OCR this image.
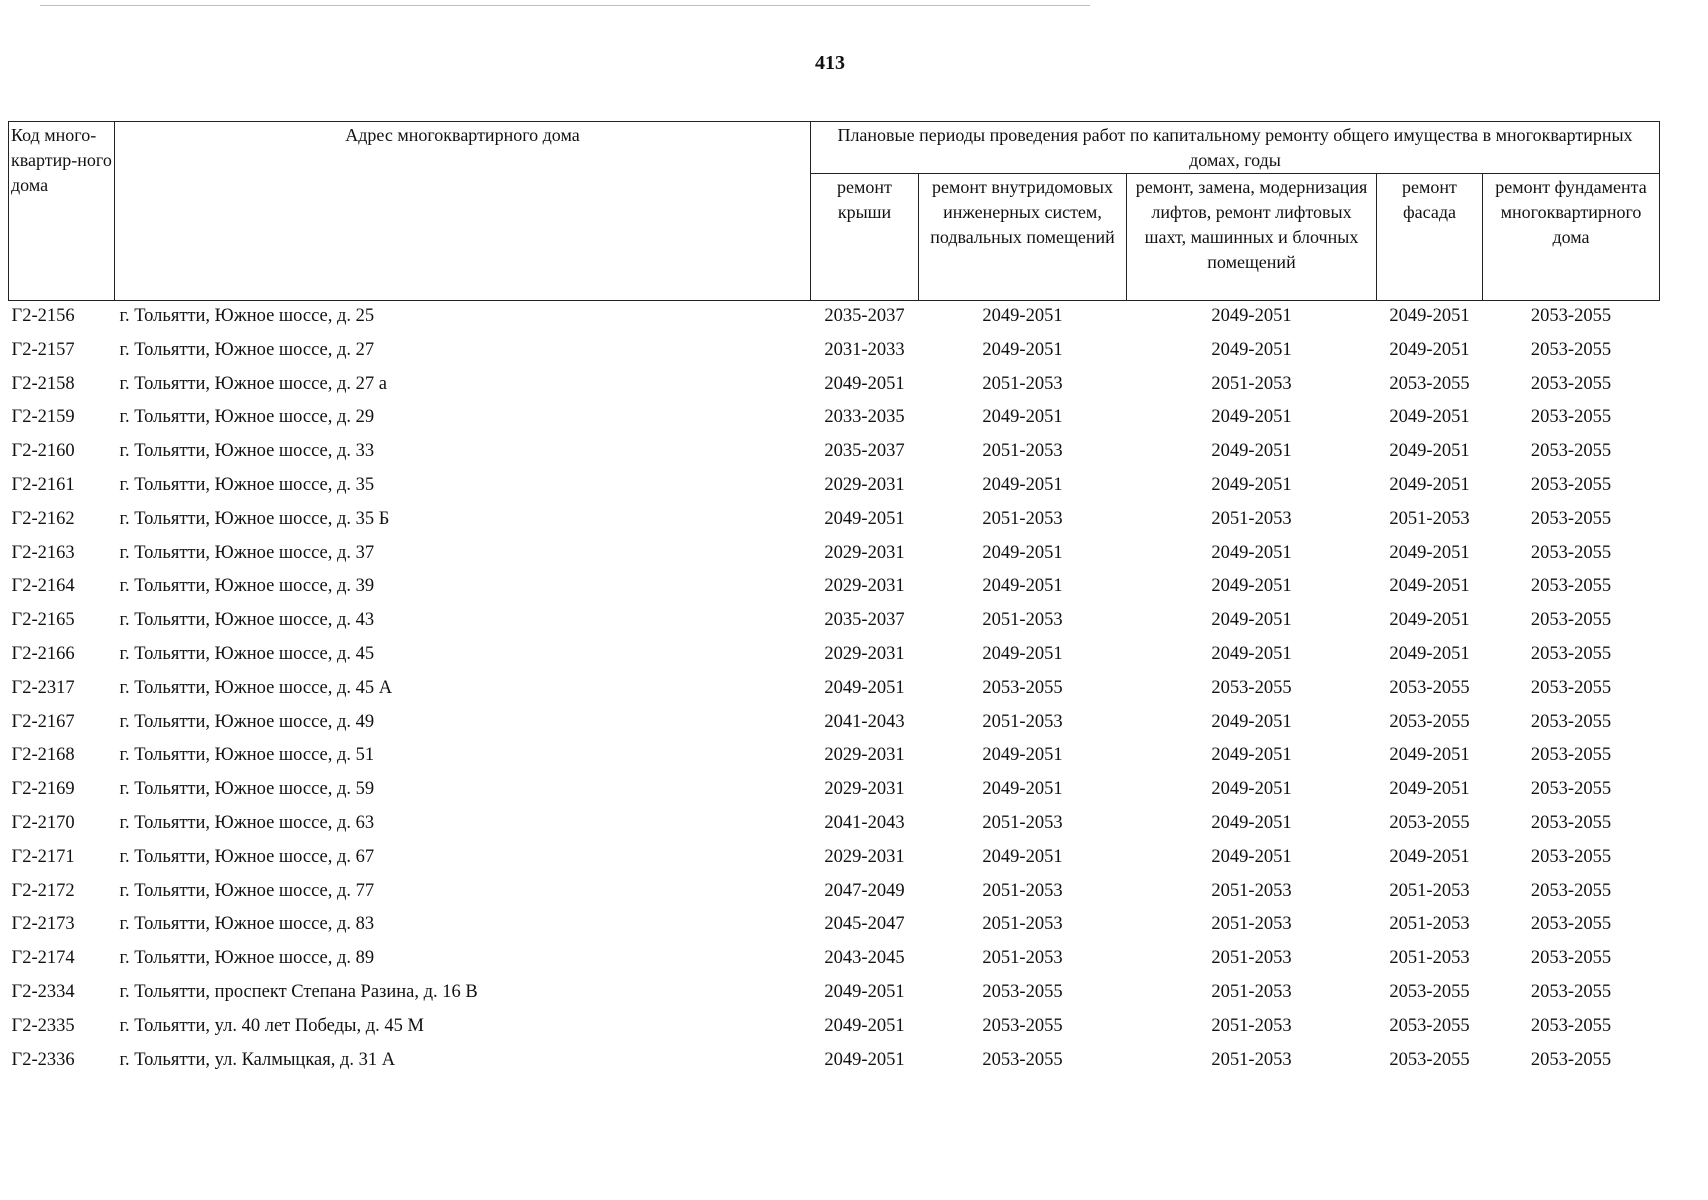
413
Код много-квартир-ного дома	Адрес многоквартирного дома	Плановые периоды проведения работ по капитальному ремонту общего имущества в многоквартирных домах, годы				
		ремонт крыши	ремонт внутридомовых инженерных систем, подвальных помещений	ремонт, замена, модернизация лифтов, ремонт лифтовых шахт, машинных и блочных помещений	ремонт фасада	ремонт фундамента многоквартирного дома
Г2-2156	г. Тольятти, Южное шоссе, д. 25	2035-2037	2049-2051	2049-2051	2049-2051	2053-2055
Г2-2157	г. Тольятти, Южное шоссе, д. 27	2031-2033	2049-2051	2049-2051	2049-2051	2053-2055
Г2-2158	г. Тольятти, Южное шоссе, д. 27 а	2049-2051	2051-2053	2051-2053	2053-2055	2053-2055
Г2-2159	г. Тольятти, Южное шоссе, д. 29	2033-2035	2049-2051	2049-2051	2049-2051	2053-2055
Г2-2160	г. Тольятти, Южное шоссе, д. 33	2035-2037	2051-2053	2049-2051	2049-2051	2053-2055
Г2-2161	г. Тольятти, Южное шоссе, д. 35	2029-2031	2049-2051	2049-2051	2049-2051	2053-2055
Г2-2162	г. Тольятти, Южное шоссе, д. 35 Б	2049-2051	2051-2053	2051-2053	2051-2053	2053-2055
Г2-2163	г. Тольятти, Южное шоссе, д. 37	2029-2031	2049-2051	2049-2051	2049-2051	2053-2055
Г2-2164	г. Тольятти, Южное шоссе, д. 39	2029-2031	2049-2051	2049-2051	2049-2051	2053-2055
Г2-2165	г. Тольятти, Южное шоссе, д. 43	2035-2037	2051-2053	2049-2051	2049-2051	2053-2055
Г2-2166	г. Тольятти, Южное шоссе, д. 45	2029-2031	2049-2051	2049-2051	2049-2051	2053-2055
Г2-2317	г. Тольятти, Южное шоссе, д. 45 А	2049-2051	2053-2055	2053-2055	2053-2055	2053-2055
Г2-2167	г. Тольятти, Южное шоссе, д. 49	2041-2043	2051-2053	2049-2051	2053-2055	2053-2055
Г2-2168	г. Тольятти, Южное шоссе, д. 51	2029-2031	2049-2051	2049-2051	2049-2051	2053-2055
Г2-2169	г. Тольятти, Южное шоссе, д. 59	2029-2031	2049-2051	2049-2051	2049-2051	2053-2055
Г2-2170	г. Тольятти, Южное шоссе, д. 63	2041-2043	2051-2053	2049-2051	2053-2055	2053-2055
Г2-2171	г. Тольятти, Южное шоссе, д. 67	2029-2031	2049-2051	2049-2051	2049-2051	2053-2055
Г2-2172	г. Тольятти, Южное шоссе, д. 77	2047-2049	2051-2053	2051-2053	2051-2053	2053-2055
Г2-2173	г. Тольятти, Южное шоссе, д. 83	2045-2047	2051-2053	2051-2053	2051-2053	2053-2055
Г2-2174	г. Тольятти, Южное шоссе, д. 89	2043-2045	2051-2053	2051-2053	2051-2053	2053-2055
Г2-2334	г. Тольятти, проспект Степана Разина, д. 16 В	2049-2051	2053-2055	2051-2053	2053-2055	2053-2055
Г2-2335	г. Тольятти, ул. 40 лет Победы, д. 45 М	2049-2051	2053-2055	2051-2053	2053-2055	2053-2055
Г2-2336	г. Тольятти, ул. Калмыцкая, д. 31 А	2049-2051	2053-2055	2051-2053	2053-2055	2053-2055
